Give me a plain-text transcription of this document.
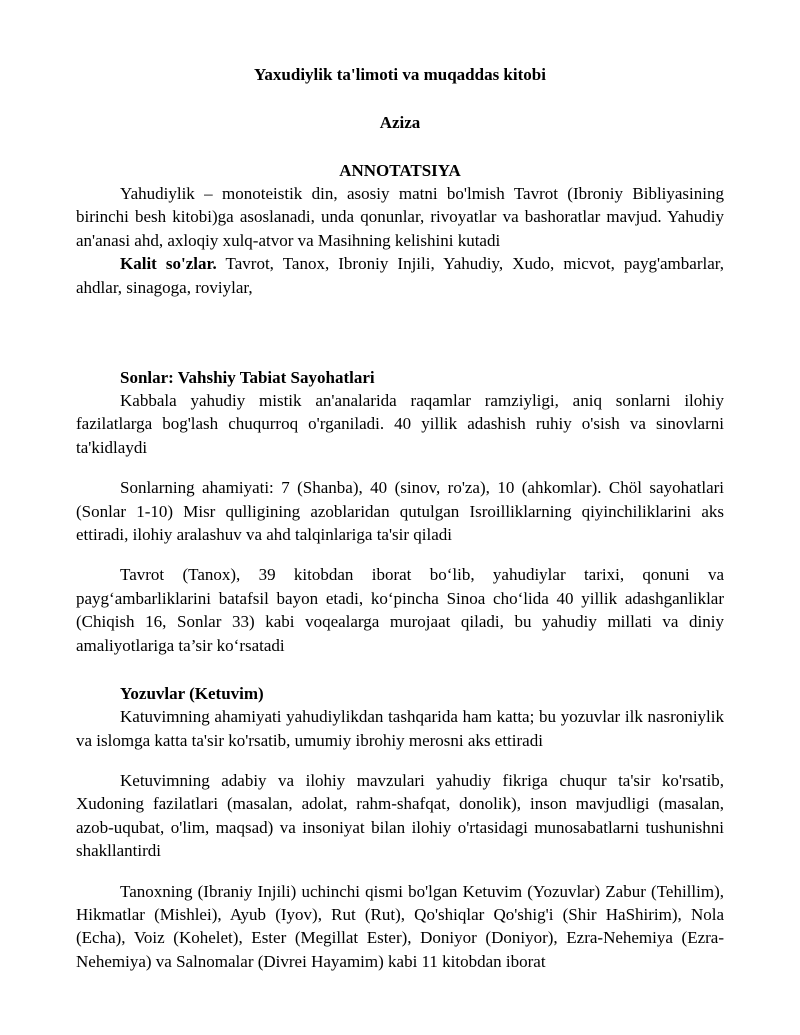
Yaxudiylik ta'limoti va muqaddas kitobi
Aziza
ANNOTATSIYA

Yahudiylik – monoteistik din, asosiy matni bo'lmish Tavrot (Ibroniy Bibliyasining birinchi besh kitobi)ga asoslanadi, unda qonunlar, rivoyatlar va bashoratlar mavjud. Yahudiy an'anasi ahd, axloqiy xulq-atvor va Masihning kelishini kutadi

Kalit so'zlar. Tavrot, Tanox, Ibroniy Injili, Yahudiy, Xudo, micvot, payg'ambarlar, ahdlar, sinagoga, roviylar,

Sonlar: Vahshiy Tabiat Sayohatlari

Kabbala yahudiy mistik an'analarida raqamlar ramziyligi, aniq sonlarni ilohiy fazilatlarga bog'lash chuqurroq o'rganiladi. 40 yillik adashish ruhiy o'sish va sinovlarni ta'kidlaydi

Sonlarning ahamiyati: 7 (Shanba), 40 (sinov, ro'za), 10 (ahkomlar). Chöl sayohatlari (Sonlar 1-10) Misr qulligining azoblaridan qutulgan Isroilliklarning qiyinchiliklarini aks ettiradi, ilohiy aralashuv va ahd talqinlariga ta'sir qiladi

Tavrot (Tanox), 39 kitobdan iborat bo‘lib, yahudiylar tarixi, qonuni va payg‘ambarliklarini batafsil bayon etadi, ko‘pincha Sinoa cho‘lida 40 yillik adashganliklar (Chiqish 16, Sonlar 33) kabi voqealarga murojaat qiladi, bu yahudiy millati va diniy amaliyotlariga ta’sir ko‘rsatadi

Yozuvlar (Ketuvim)

Katuvimning ahamiyati yahudiylikdan tashqarida ham katta; bu yozuvlar ilk nasroniylik va islomga katta ta'sir ko'rsatib, umumiy ibrohiy merosni aks ettiradi

Ketuvimning adabiy va ilohiy mavzulari yahudiy fikriga chuqur ta'sir ko'rsatib, Xudoning fazilatlari (masalan, adolat, rahm-shafqat, donolik), inson mavjudligi (masalan, azob-uqubat, o'lim, maqsad) va insoniyat bilan ilohiy o'rtasidagi munosabatlarni tushunishni shakllantirdi

Tanoxning (Ibraniy Injili) uchinchi qismi bo'lgan Ketuvim (Yozuvlar) Zabur (Tehillim), Hikmatlar (Mishlei), Ayub (Iyov), Rut (Rut), Qo'shiqlar Qo'shig'i (Shir HaShirim), Nola (Echa), Voiz (Kohelet), Ester (Megillat Ester), Doniyor (Doniyor), Ezra-Nehemiya (Ezra-Nehemiya) va Salnomalar (Divrei Hayamim) kabi 11 kitobdan iborat
